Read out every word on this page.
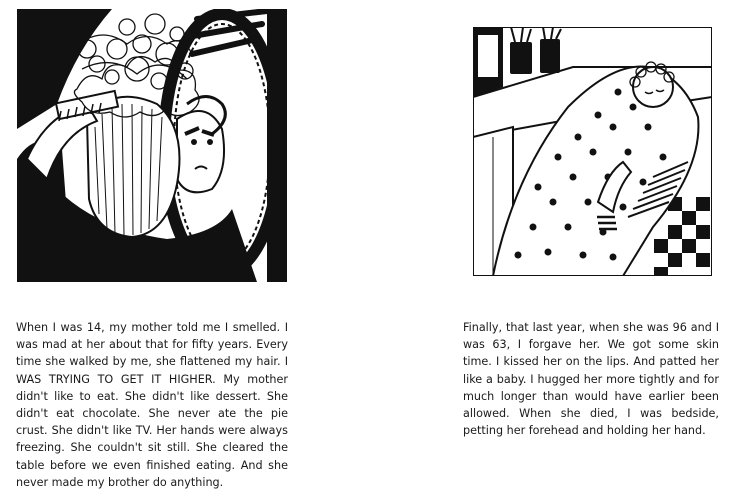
When I was 14, my mother told me I smelled. I was mad at her about that for fifty years. Every time she walked by me, she flattened my hair. I WAS TRYING TO GET IT HIGHER. My mother didn't like to eat. She didn't like dessert. She didn't eat chocolate. She never ate the pie crust. She didn't like TV. Her hands were always freezing. She couldn't sit still. She cleared the table before we even finished eating. And she never made my brother do anything.
Finally, that last year, when she was 96 and I was 63, I forgave her. We got some skin time. I kissed her on the lips. And patted her like a baby. I hugged her more tightly and for much longer than would have earlier been allowed. When she died, I was bedside, petting her forehead and holding her hand.
